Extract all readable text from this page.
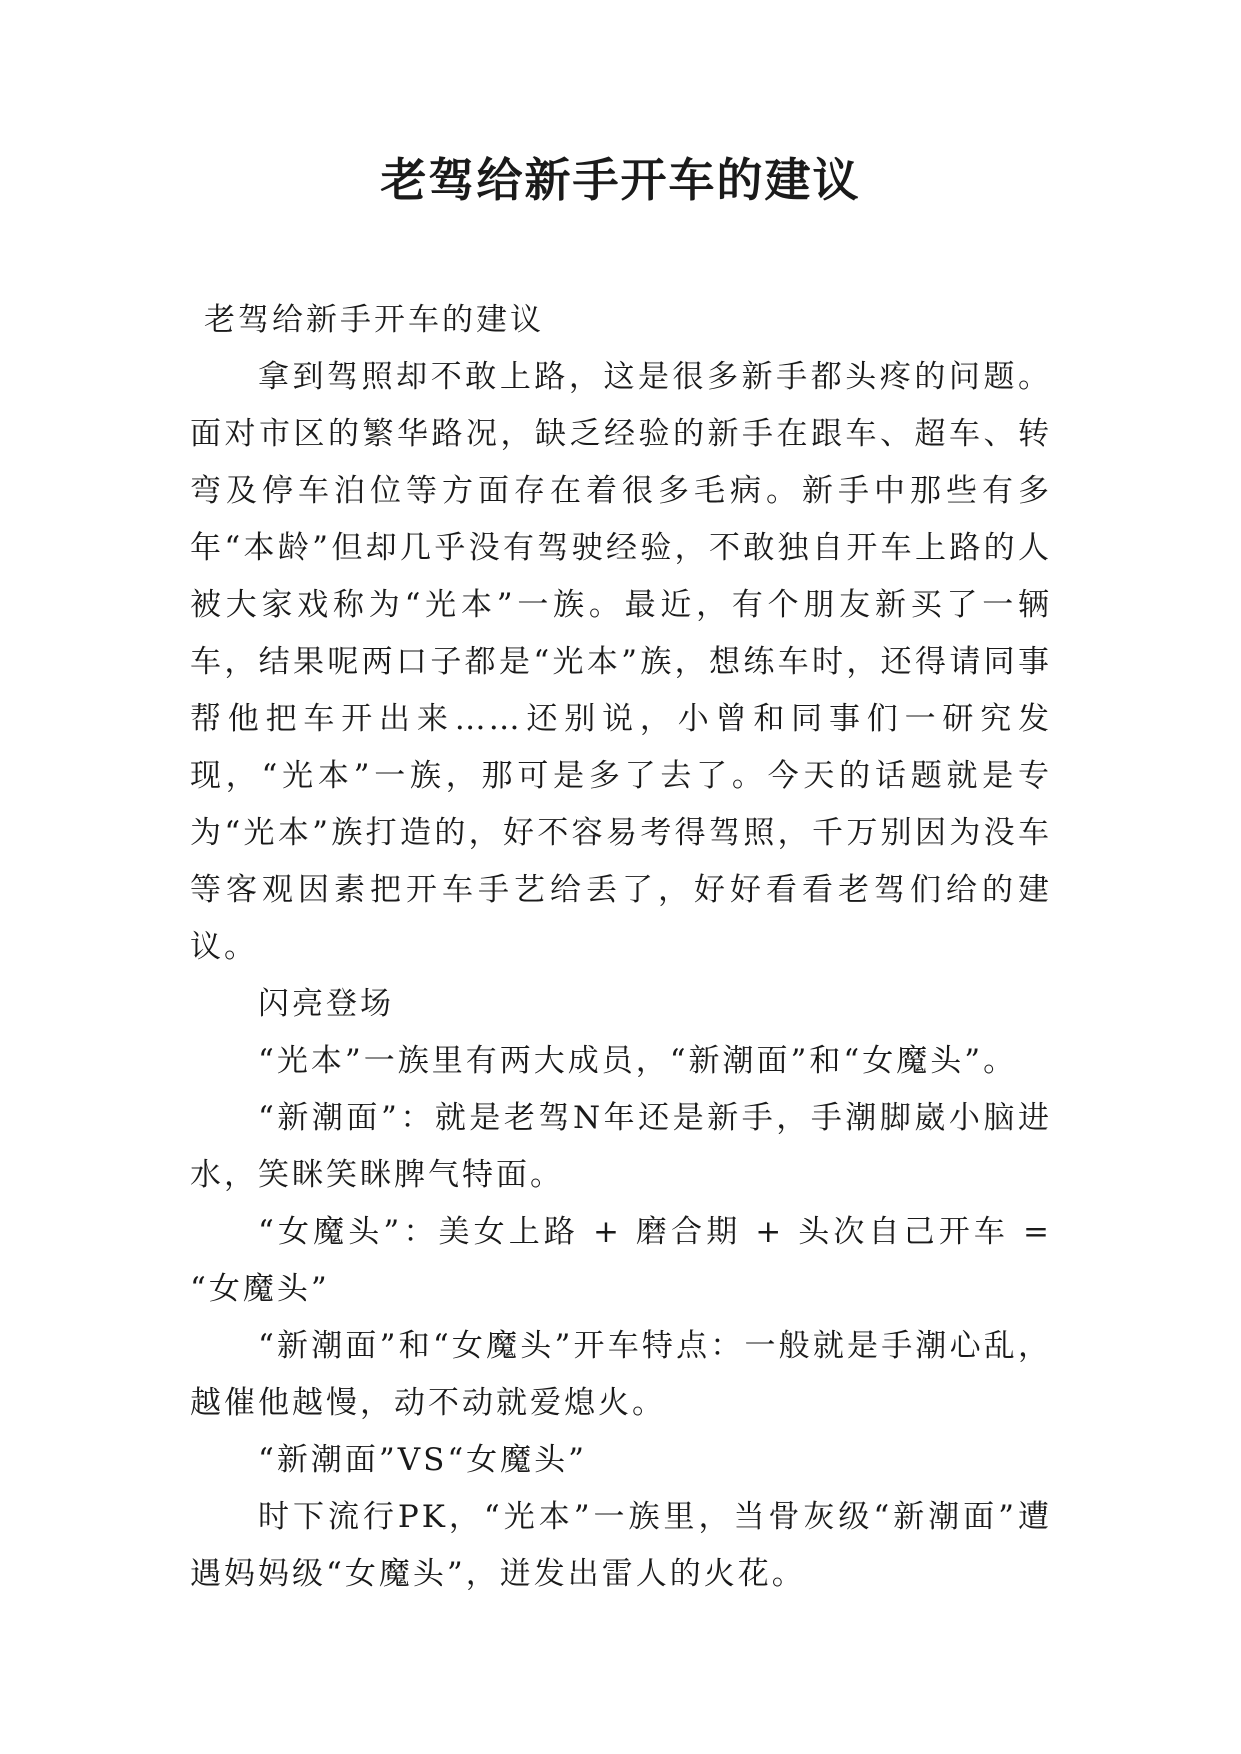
老驾给新手开车的建议

老驾给新手开车的建议

拿到驾照却不敢上路，这是很多新手都头疼的问题。面对市区的繁华路况，缺乏经验的新手在跟车、超车、转弯及停车泊位等方面存在着很多毛病。新手中那些有多年“本龄”但却几乎没有驾驶经验，不敢独自开车上路的人被大家戏称为“光本”一族。最近，有个朋友新买了一辆车，结果呢两口子都是“光本”族，想练车时，还得请同事帮他把车开出来……还别说，小曾和同事们一研究发现，“光本”一族，那可是多了去了。今天的话题就是专为“光本”族打造的，好不容易考得驾照，千万别因为没车等客观因素把开车手艺给丢了，好好看看老驾们给的建议。

闪亮登场

“光本”一族里有两大成员，“新潮面”和“女魔头”。

“新潮面”：就是老驾N年还是新手，手潮脚崴小脑进水，笑眯笑眯脾气特面。

“女魔头”：美女上路 + 磨合期 + 头次自己开车 = “女魔头”

“新潮面”和“女魔头”开车特点：一般就是手潮心乱，越催他越慢，动不动就爱熄火。

“新潮面”VS“女魔头”

时下流行PK，“光本”一族里，当骨灰级“新潮面”遭遇妈妈级“女魔头”，迸发出雷人的火花。
